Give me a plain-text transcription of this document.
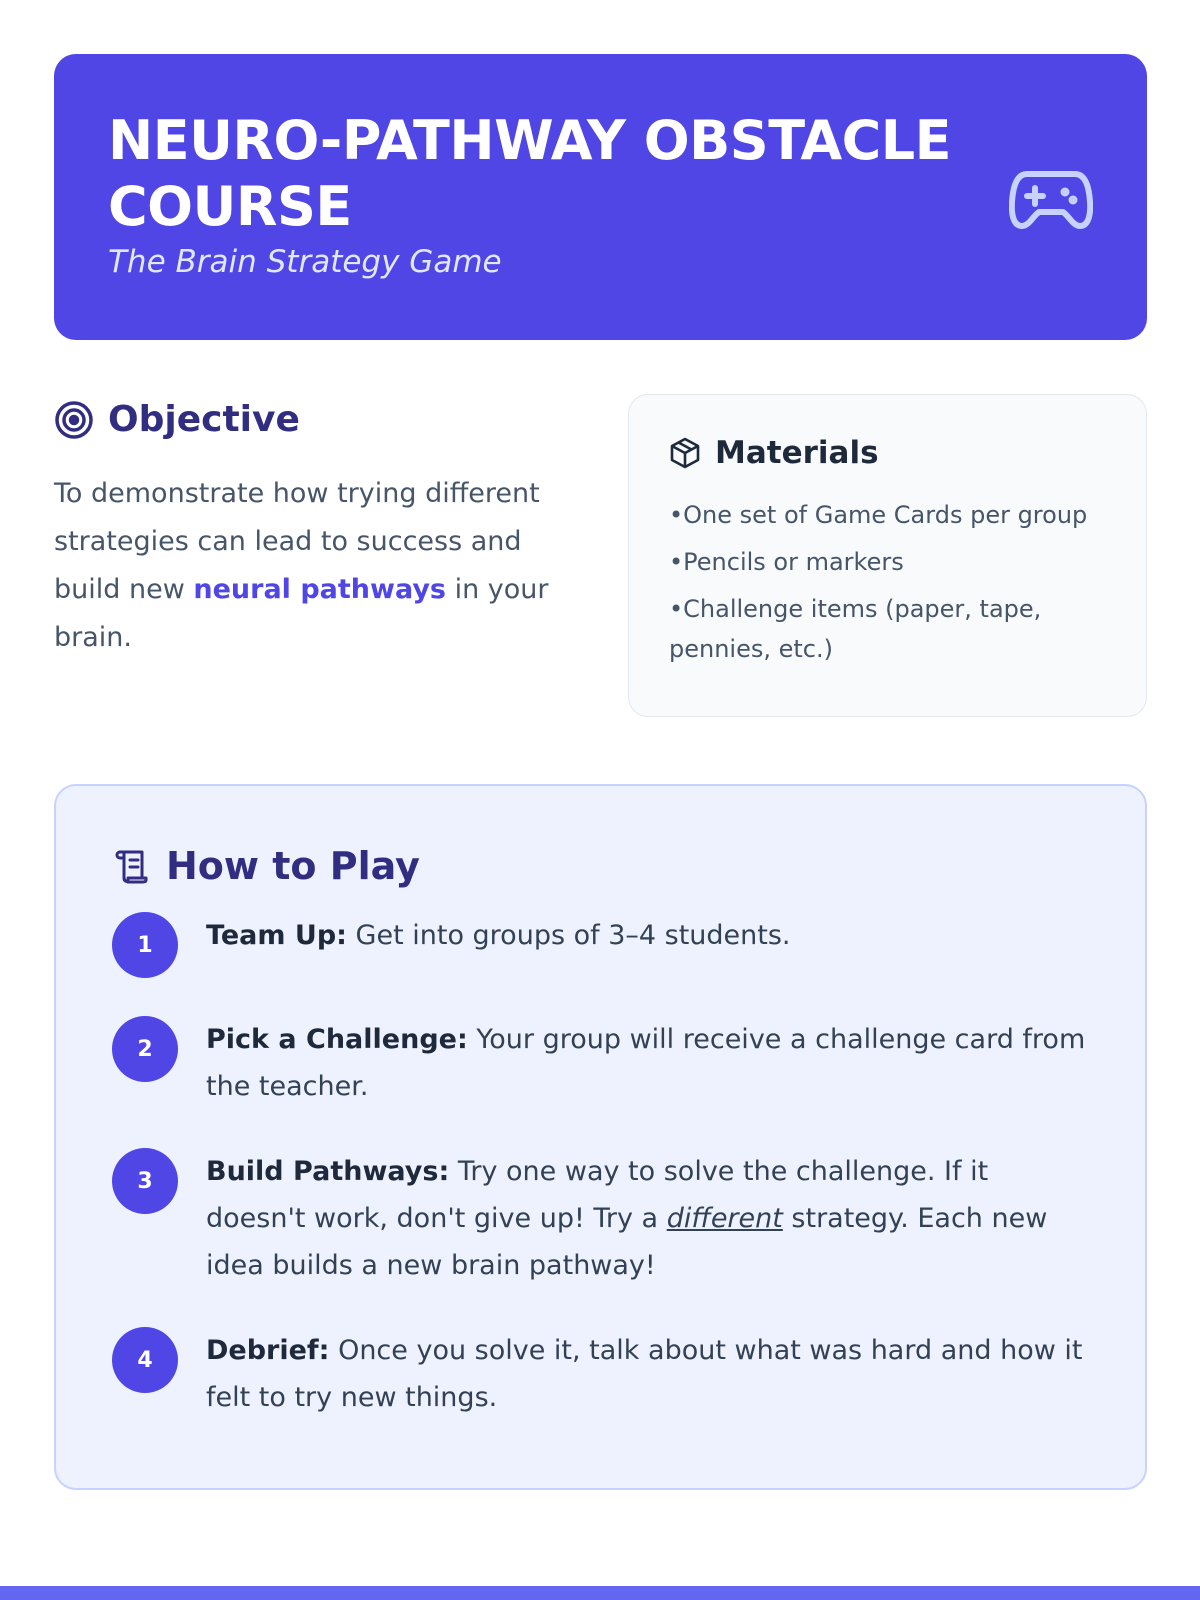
NEURO-PATHWAY OBSTACLE COURSE
The Brain Strategy Game
Objective

To demonstrate how trying different strategies can lead to success and build new neural pathways in your brain.

Materials
• One set of Game Cards per group
• Pencils or markers
• Challenge items (paper, tape, pennies, etc.)
How to Play
1	Team Up: Get into groups of 3–4 students.
2	Pick a Challenge: Your group will receive a challenge card from the teacher.
3	Build Pathways: Try one way to solve the challenge. If it doesn't work, don't give up! Try a different strategy. Each new idea builds a new brain pathway!
4	Debrief: Once you solve it, talk about what was hard and how it felt to try new things.
